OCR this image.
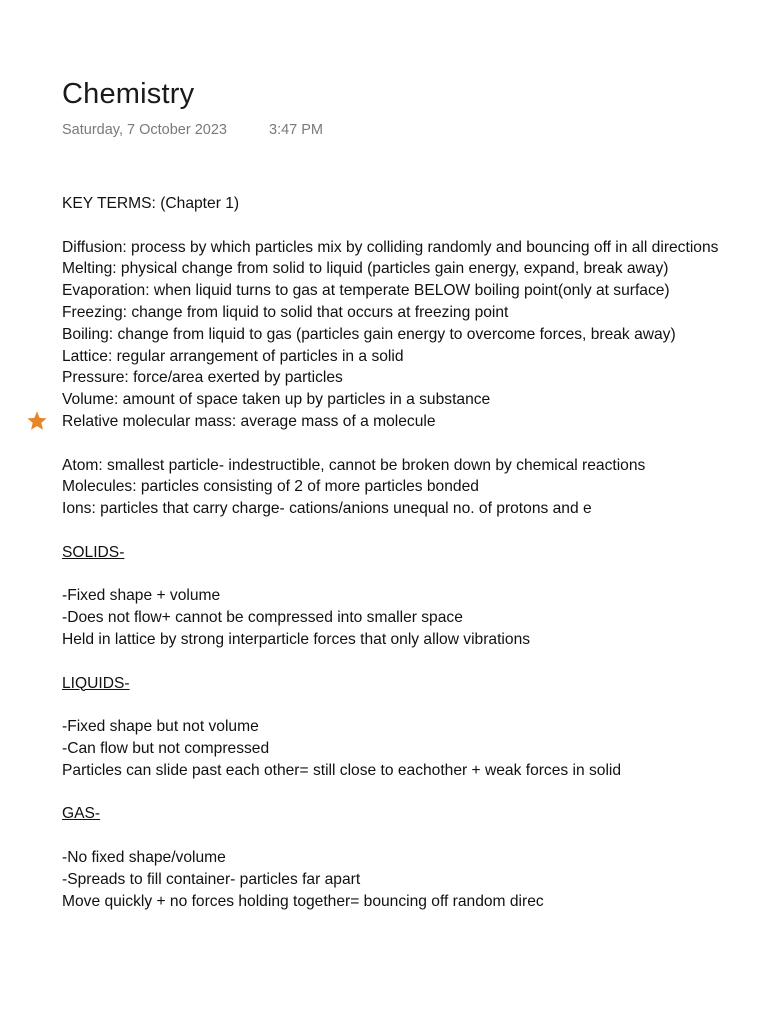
Chemistry
Saturday, 7 October 2023	3:47 PM
KEY TERMS: (Chapter 1)
Diffusion: process by which particles mix by colliding randomly and bouncing off in all directions
Melting: physical change from solid to liquid (particles gain energy, expand, break away)
Evaporation: when liquid turns to gas at temperate BELOW boiling point(only at surface)
Freezing: change from liquid to solid that occurs at freezing point
Boiling: change from liquid to gas (particles gain energy to overcome forces, break away)
Lattice: regular arrangement of particles in a solid
Pressure: force/area exerted by particles
Volume: amount of space taken up by particles in a substance
Relative molecular mass: average mass of a molecule
Atom: smallest particle- indestructible, cannot be broken down by chemical reactions
Molecules: particles consisting of 2 of more particles bonded
Ions: particles that carry charge- cations/anions unequal no. of protons and e
SOLIDS-
-Fixed shape + volume
-Does not flow+ cannot be compressed into smaller space
Held in lattice by strong interparticle forces that only allow vibrations
LIQUIDS-
-Fixed shape but not volume
-Can flow but not compressed
Particles can slide past each other= still close to eachother + weak forces in solid
GAS-
-No fixed shape/volume
-Spreads to fill container- particles far apart
Move quickly + no forces holding together= bouncing off random direc
